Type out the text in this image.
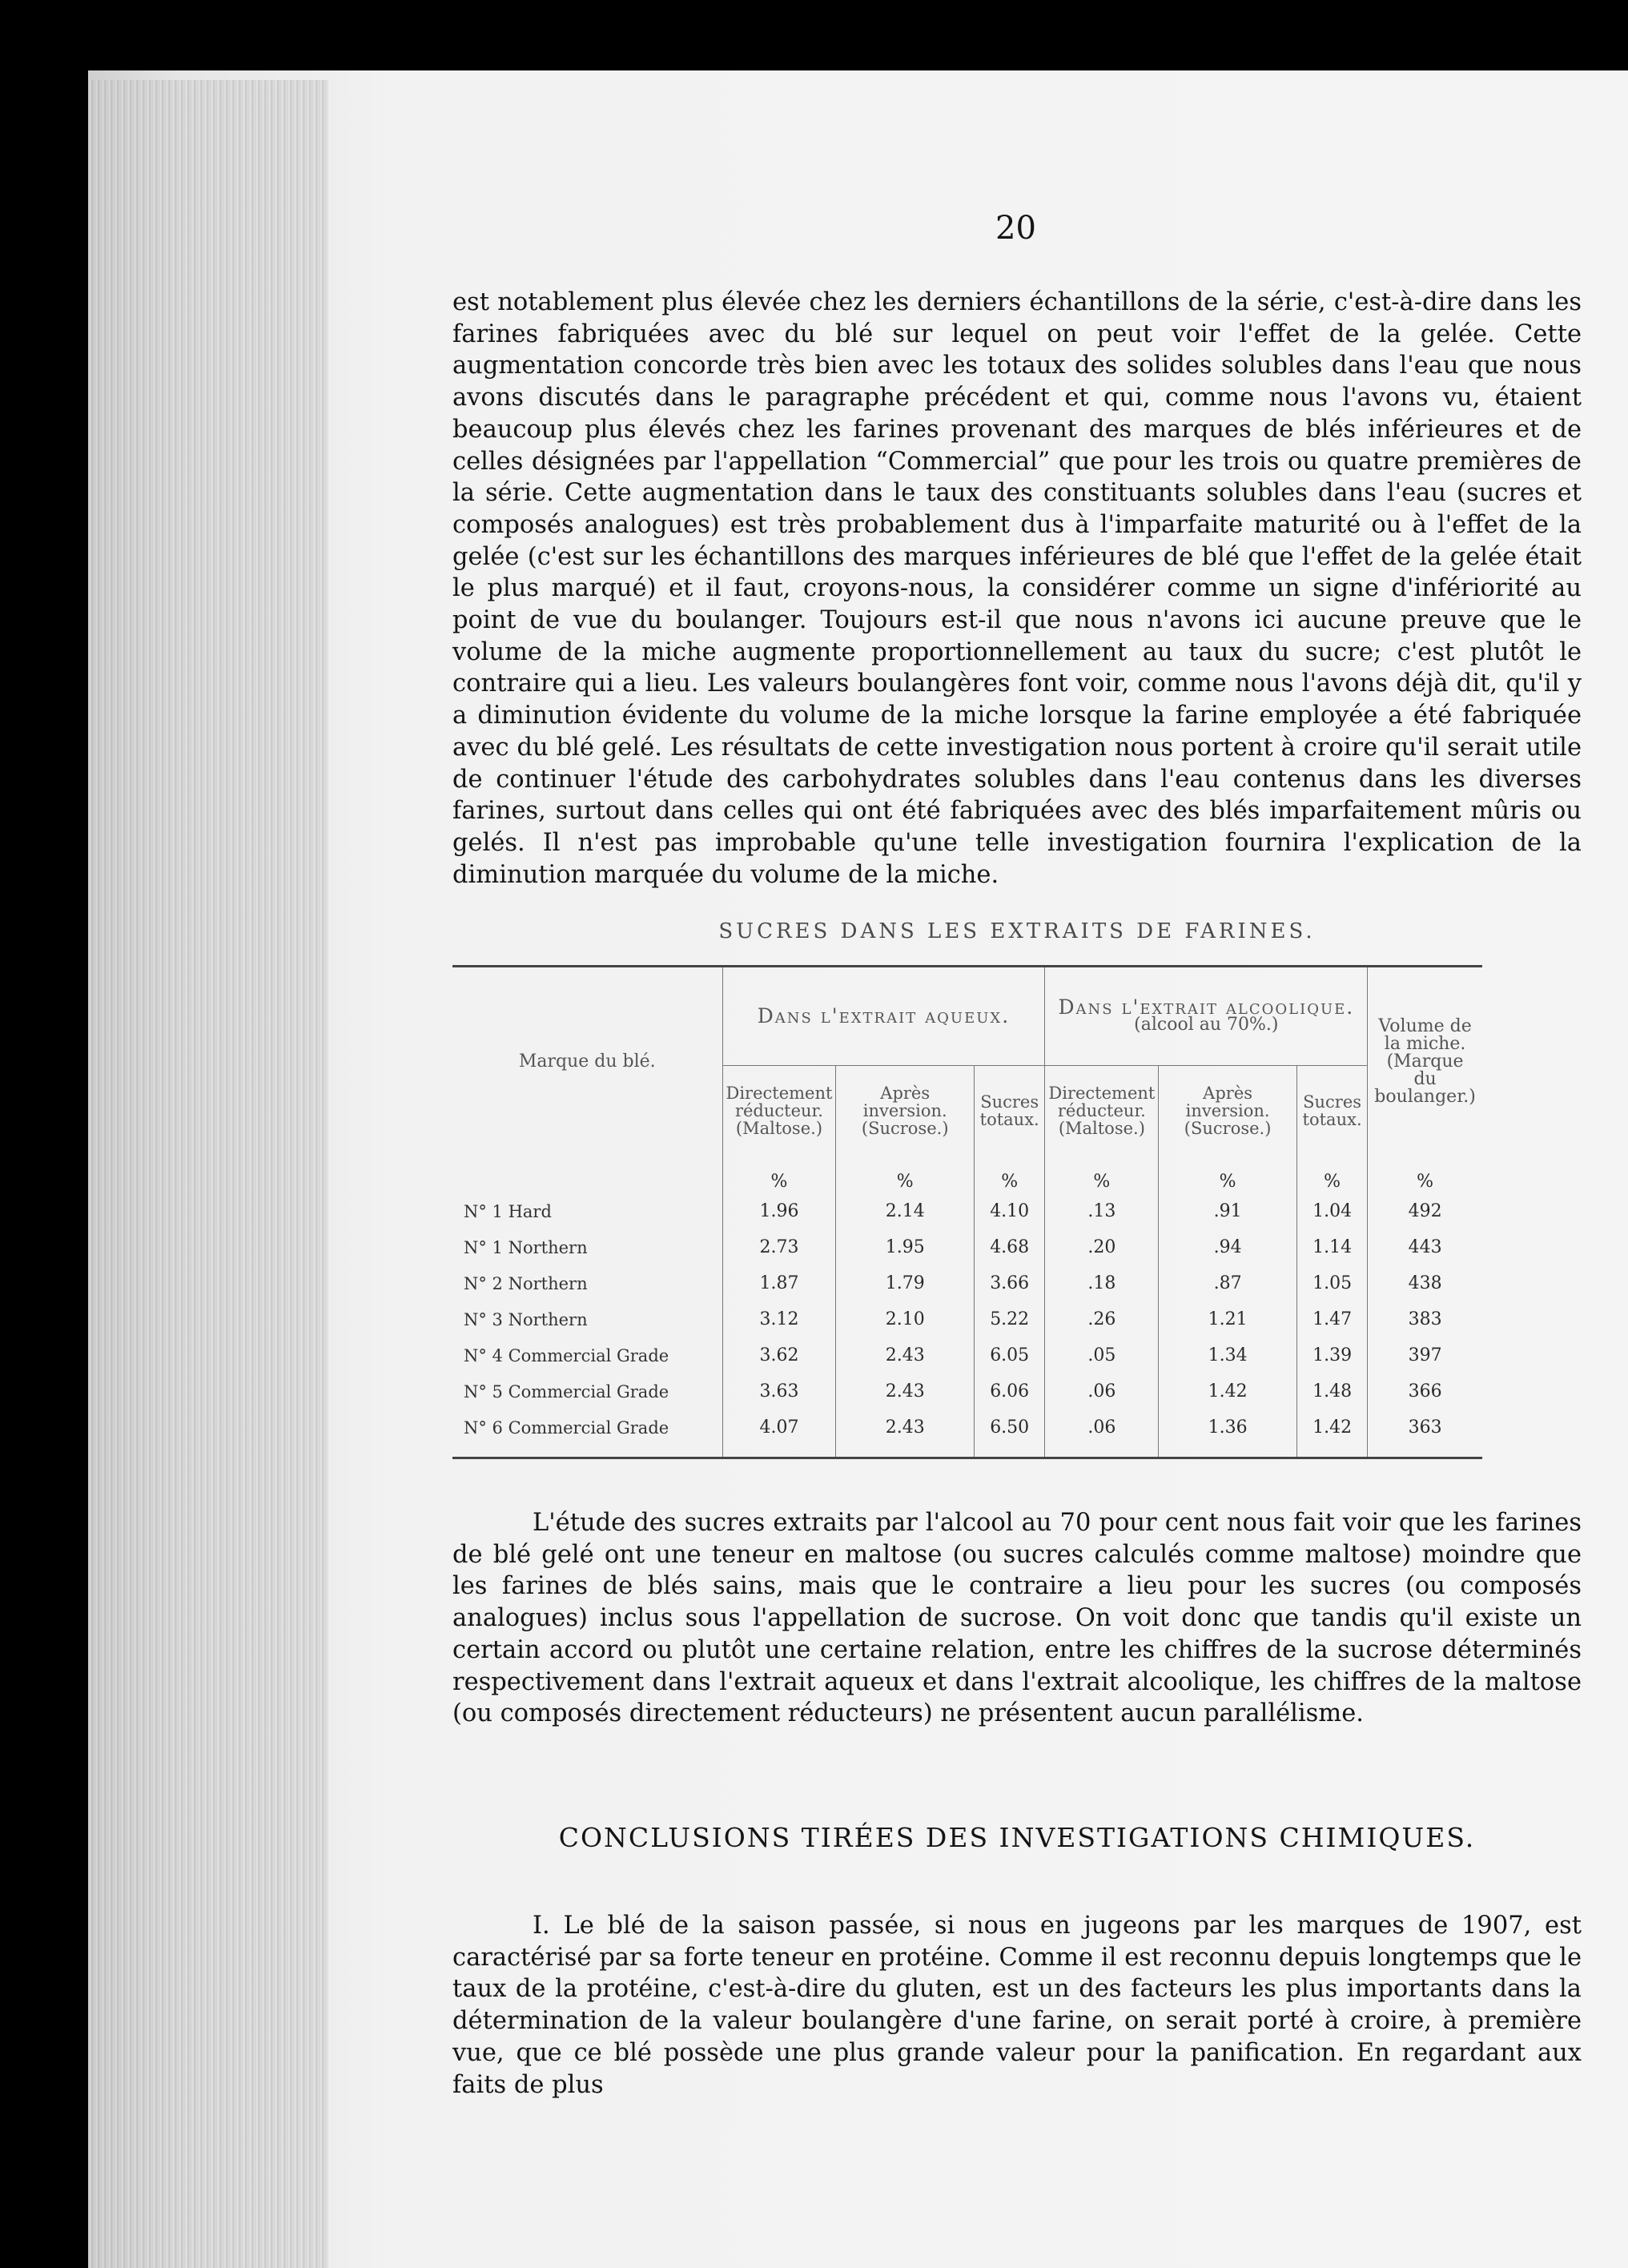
20

est notablement plus élevée chez les derniers échantillons de la série, c'est-à-dire dans les farines fabriquées avec du blé sur lequel on peut voir l'effet de la gelée. Cette augmentation concorde très bien avec les totaux des solides solubles dans l'eau que nous avons discutés dans le paragraphe précédent et qui, comme nous l'avons vu, étaient beaucoup plus élevés chez les farines provenant des marques de blés inférieures et de celles désignées par l'appellation “Commercial” que pour les trois ou quatre premières de la série. Cette augmentation dans le taux des constituants solubles dans l'eau (sucres et composés analogues) est très probablement dus à l'imparfaite maturité ou à l'effet de la gelée (c'est sur les échantillons des marques inférieures de blé que l'effet de la gelée était le plus marqué) et il faut, croyons-nous, la considérer comme un signe d'infériorité au point de vue du boulanger. Toujours est-il que nous n'avons ici aucune preuve que le volume de la miche augmente proportionnellement au taux du sucre; c'est plutôt le contraire qui a lieu. Les valeurs boulangères font voir, comme nous l'avons déjà dit, qu'il y a diminution évidente du volume de la miche lorsque la farine employée a été fabriquée avec du blé gelé. Les résultats de cette investigation nous portent à croire qu'il serait utile de continuer l'étude des carbohydrates solubles dans l'eau contenus dans les diverses farines, surtout dans celles qui ont été fabriquées avec des blés imparfaitement mûris ou gelés. Il n'est pas improbable qu'une telle investigation fournira l'explication de la diminution marquée du volume de la miche.

SUCRES DANS LES EXTRAITS DE FARINES.
Marque du blé.	Dans l'extrait aqueux.			Dans l'extrait alcoolique.
(alcool au 70%.)			Volume de la miche. (Marque du boulanger.)
	Directement réducteur. (Maltose.)	Après inversion. (Sucrose.)	Sucres totaux.	Directement réducteur. (Maltose.)	Après inversion. (Sucrose.)	Sucres totaux.	
	%	%	%	%	%	%	%
N° 1 Hard	1.96	2.14	4.10	.13	.91	1.04	492
N° 1 Northern	2.73	1.95	4.68	.20	.94	1.14	443
N° 2 Northern	1.87	1.79	3.66	.18	.87	1.05	438
N° 3 Northern	3.12	2.10	5.22	.26	1.21	1.47	383
N° 4 Commercial Grade	3.62	2.43	6.05	.05	1.34	1.39	397
N° 5 Commercial Grade	3.63	2.43	6.06	.06	1.42	1.48	366
N° 6 Commercial Grade	4.07	2.43	6.50	.06	1.36	1.42	363

L'étude des sucres extraits par l'alcool au 70 pour cent nous fait voir que les farines de blé gelé ont une teneur en maltose (ou sucres calculés comme maltose) moindre que les farines de blés sains, mais que le contraire a lieu pour les sucres (ou composés analogues) inclus sous l'appellation de sucrose. On voit donc que tandis qu'il existe un certain accord ou plutôt une certaine relation, entre les chiffres de la sucrose déterminés respectivement dans l'extrait aqueux et dans l'extrait alcoolique, les chiffres de la maltose (ou composés directement réducteurs) ne présentent aucun parallélisme.

CONCLUSIONS TIRÉES DES INVESTIGATIONS CHIMIQUES.

I. Le blé de la saison passée, si nous en jugeons par les marques de 1907, est caractérisé par sa forte teneur en protéine. Comme il est reconnu depuis longtemps que le taux de la protéine, c'est-à-dire du gluten, est un des facteurs les plus importants dans la détermination de la valeur boulangère d'une farine, on serait porté à croire, à première vue, que ce blé possède une plus grande valeur pour la panification. En regardant aux faits de plus
